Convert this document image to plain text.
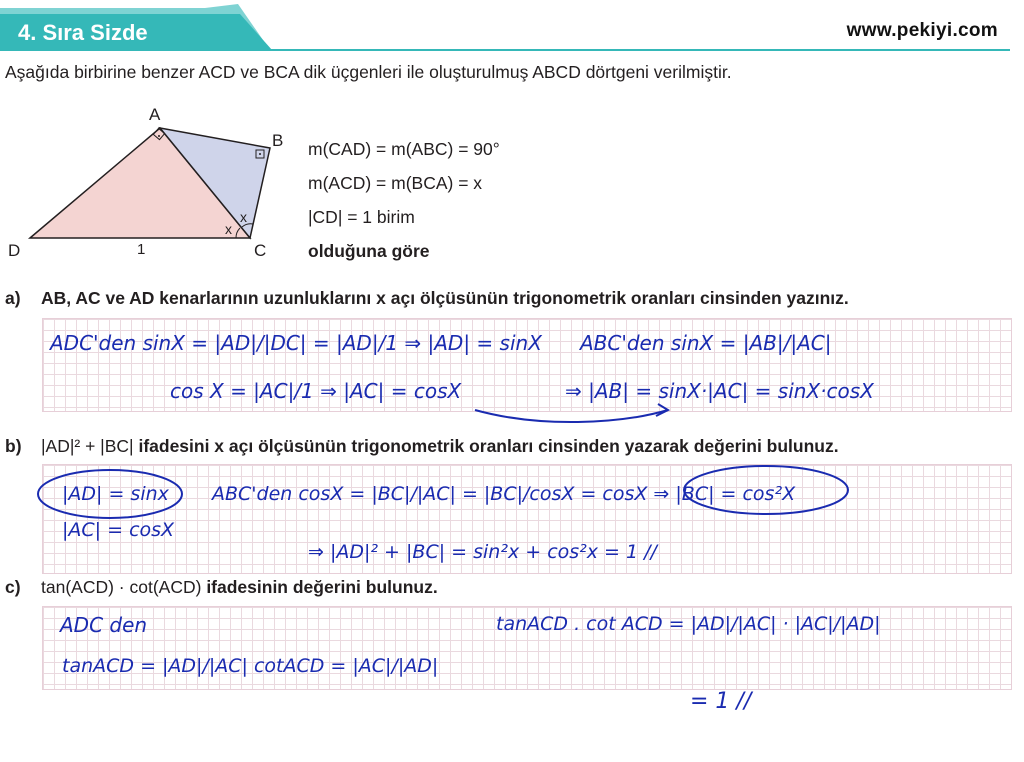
4. Sıra Sizde	www.pekiyi.com
Aşağıda birbirine benzer ACD ve BCA dik üçgenleri ile oluşturulmuş ABCD dörtgeni verilmiştir.
A
B
C
D	1
x
x
m(CAD) = m(ABC) = 90°
m(ACD) = m(BCA) = x
|CD| = 1 birim
olduğuna göre
a) AB, AC ve AD kenarlarının uzunluklarını x açı ölçüsünün trigonometrik oranları cinsinden yazınız.
ADC'den sinX = |AD|/|DC| = |AD|/1 ⇒ |AD| = sinX
cos X = |AC|/1 ⇒ |AC| = cosX
ABC'den sinX = |AB|/|AC|
⇒ |AB| = sinX·|AC| = sinX·cosX
|AD| = sinx
|AC| = cosX
ABC'den cosX = |BC|/|AC| = |BC|/cosX = cosX ⇒ |BC| = cos²X
⇒ |AD|² + |BC| = sin²x + cos²x = 1 //
ADC den
tanACD = |AD|/|AC| cotACD = |AC|/|AD|
tanACD . cot ACD = |AD|/|AC| · |AC|/|AD|
= 1 //
b) |AD|² + |BC| ifadesini x açı ölçüsünün trigonometrik oranları cinsinden yazarak değerini bulunuz.
c) tan(ACD) · cot(ACD) ifadesinin değerini bulunuz.
